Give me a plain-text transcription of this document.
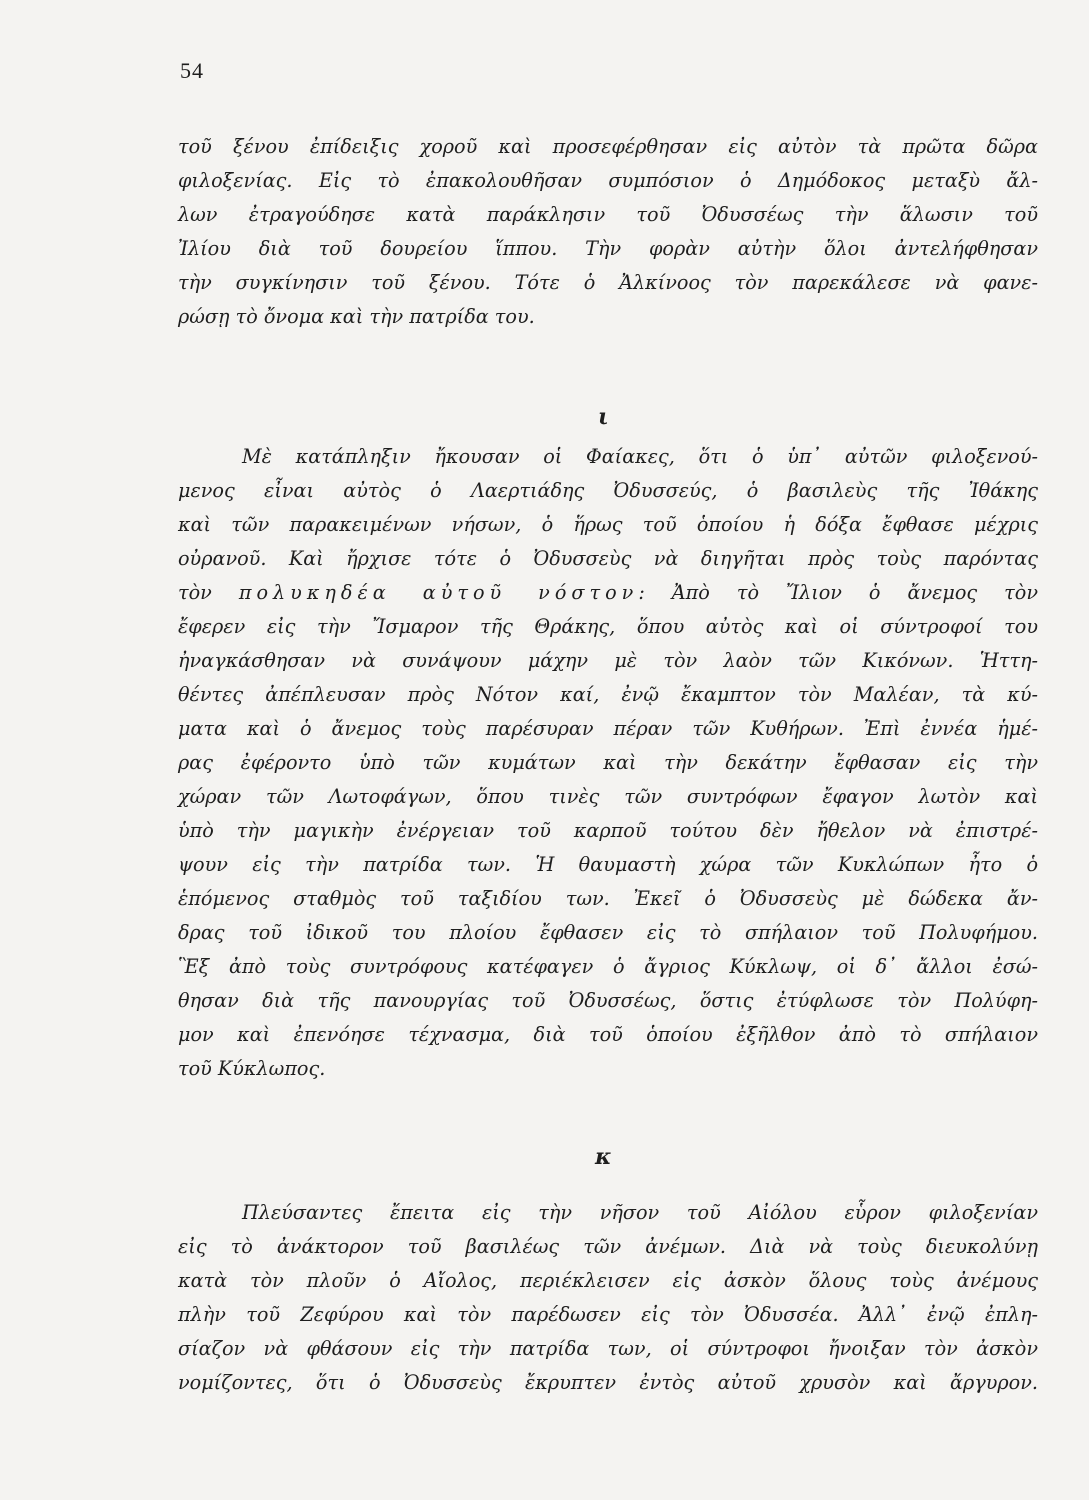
54
τοῦ ξένου ἐπίδειξις χοροῦ καὶ προσεφέρθησαν εἰς αὐτὸν τὰ πρῶτα δῶρα
φιλοξενίας. Εἰς τὸ ἐπακολουθῆσαν συμπόσιον ὁ Δημόδοκος μεταξὺ ἄλ-
λων ἐτραγούδησε κατὰ παράκλησιν τοῦ Ὀδυσσέως τὴν ἅλωσιν τοῦ
Ἰλίου διὰ τοῦ δουρείου ἵππου. Τὴν φορὰν αὐτὴν ὅλοι ἀντελήφθησαν
τὴν συγκίνησιν τοῦ ξένου. Τότε ὁ Ἀλκίνοος τὸν παρεκάλεσε νὰ φανε-
ρώσῃ τὸ ὄνομα καὶ τὴν πατρίδα του.
ι
Μὲ κατάπληξιν ἤκουσαν οἱ Φαίακες, ὅτι ὁ ὑπ᾽ αὐτῶν φιλοξενού-
μενος εἶναι αὐτὸς ὁ Λαερτιάδης Ὀδυσσεύς, ὁ βασιλεὺς τῆς Ἰθάκης
καὶ τῶν παρακειμένων νήσων, ὁ ἥρως τοῦ ὁποίου ἡ δόξα ἔφθασε μέχρις
οὐρανοῦ. Καὶ ἤρχισε τότε ὁ Ὀδυσσεὺς νὰ διηγῆται πρὸς τοὺς παρόντας
τὸν πολυκηδέα αὐτοῦ νόστον: Ἀπὸ τὸ Ἴλιον ὁ ἄνεμος τὸν
ἔφερεν εἰς τὴν Ἴσμαρον τῆς Θράκης, ὅπου αὐτὸς καὶ οἱ σύντροφοί του
ἠναγκάσθησαν νὰ συνάψουν μάχην μὲ τὸν λαὸν τῶν Κικόνων. Ἡττη-
θέντες ἀπέπλευσαν πρὸς Νότον καί, ἐνῷ ἔκαμπτον τὸν Μαλέαν, τὰ κύ-
ματα καὶ ὁ ἄνεμος τοὺς παρέσυραν πέραν τῶν Κυθήρων. Ἐπὶ ἐννέα ἡμέ-
ρας ἐφέροντο ὑπὸ τῶν κυμάτων καὶ τὴν δεκάτην ἔφθασαν εἰς τὴν
χώραν τῶν Λωτοφάγων, ὅπου τινὲς τῶν συντρόφων ἔφαγον λωτὸν καὶ
ὑπὸ τὴν μαγικὴν ἐνέργειαν τοῦ καρποῦ τούτου δὲν ἤθελον νὰ ἐπιστρέ-
ψουν εἰς τὴν πατρίδα των. Ἡ θαυμαστὴ χώρα τῶν Κυκλώπων ἦτο ὁ
ἑπόμενος σταθμὸς τοῦ ταξιδίου των. Ἐκεῖ ὁ Ὀδυσσεὺς μὲ δώδεκα ἄν-
δρας τοῦ ἰδικοῦ του πλοίου ἔφθασεν εἰς τὸ σπήλαιον τοῦ Πολυφήμου.
Ἓξ ἀπὸ τοὺς συντρόφους κατέφαγεν ὁ ἄγριος Κύκλωψ, οἱ δ᾽ ἄλλοι ἐσώ-
θησαν διὰ τῆς πανουργίας τοῦ Ὀδυσσέως, ὅστις ἐτύφλωσε τὸν Πολύφη-
μον καὶ ἐπενόησε τέχνασμα, διὰ τοῦ ὁποίου ἐξῆλθον ἀπὸ τὸ σπήλαιον
τοῦ Κύκλωπος.
κ
Πλεύσαντες ἔπειτα εἰς τὴν νῆσον τοῦ Αἰόλου εὗρον φιλοξενίαν
εἰς τὸ ἀνάκτορον τοῦ βασιλέως τῶν ἀνέμων. Διὰ νὰ τοὺς διευκολύνῃ
κατὰ τὸν πλοῦν ὁ Αἴολος, περιέκλεισεν εἰς ἀσκὸν ὅλους τοὺς ἀνέμους
πλὴν τοῦ Ζεφύρου καὶ τὸν παρέδωσεν εἰς τὸν Ὀδυσσέα. Ἀλλ᾽ ἐνῷ ἐπλη-
σίαζον νὰ φθάσουν εἰς τὴν πατρίδα των, οἱ σύντροφοι ἤνοιξαν τὸν ἀσκὸν
νομίζοντες, ὅτι ὁ Ὀδυσσεὺς ἔκρυπτεν ἐντὸς αὐτοῦ χρυσὸν καὶ ἄργυρον.
